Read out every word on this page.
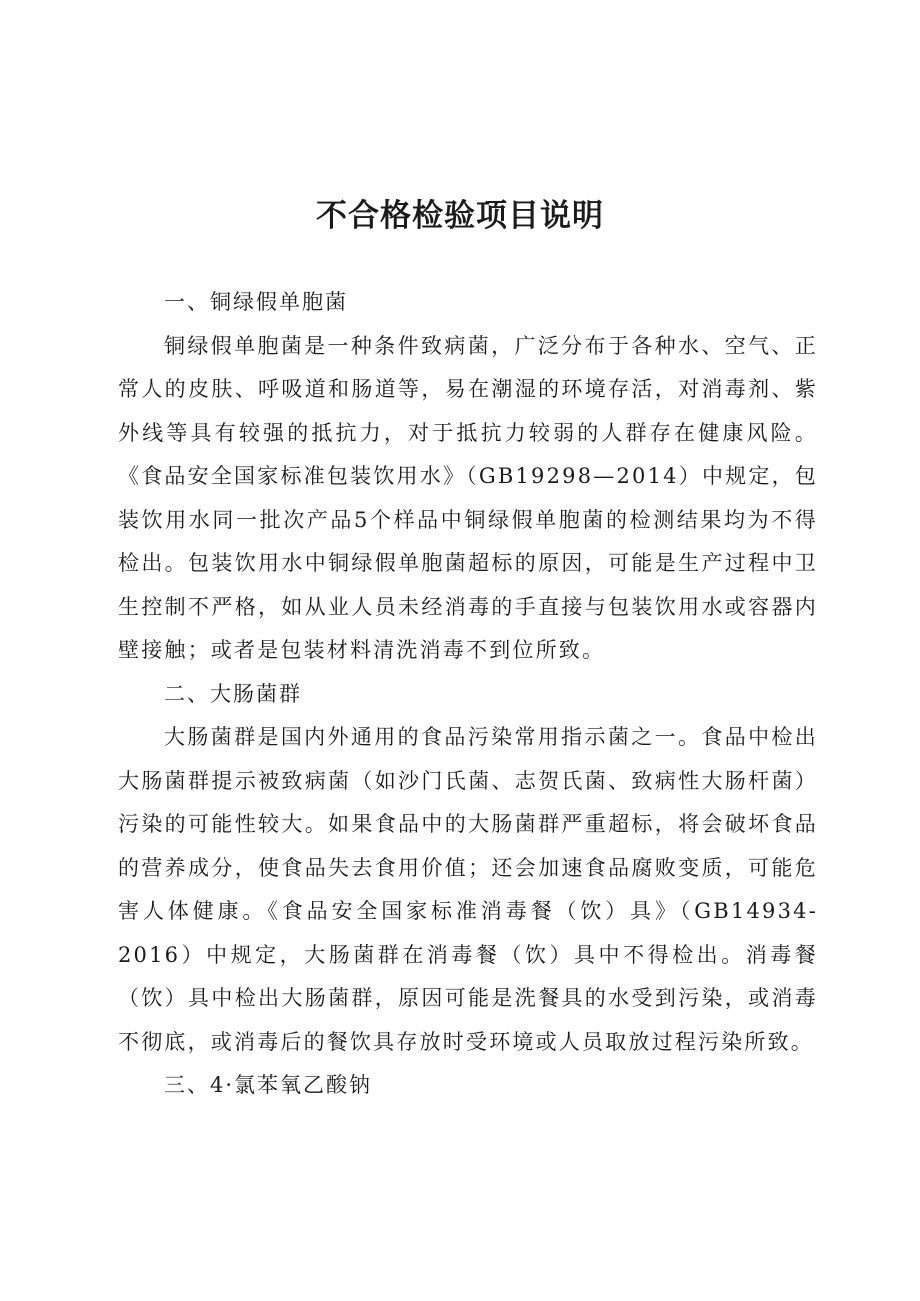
不合格检验项目说明

一、铜绿假单胞菌

铜绿假单胞菌是一种条件致病菌，广泛分布于各种水、空气、正常人的皮肤、呼吸道和肠道等，易在潮湿的环境存活，对消毒剂、紫外线等具有较强的抵抗力，对于抵抗力较弱的人群存在健康风险。《食品安全国家标准包装饮用水》（GB19298—2014）中规定，包装饮用水同一批次产品5个样品中铜绿假单胞菌的检测结果均为不得检出。包装饮用水中铜绿假单胞菌超标的原因，可能是生产过程中卫生控制不严格，如从业人员未经消毒的手直接与包装饮用水或容器内壁接触；或者是包装材料清洗消毒不到位所致。

二、大肠菌群

大肠菌群是国内外通用的食品污染常用指示菌之一。食品中检出大肠菌群提示被致病菌（如沙门氏菌、志贺氏菌、致病性大肠杆菌）污染的可能性较大。如果食品中的大肠菌群严重超标，将会破坏食品的营养成分，使食品失去食用价值；还会加速食品腐败变质，可能危害人体健康。《食品安全国家标准消毒餐（饮）具》（GB14934-2016）中规定，大肠菌群在消毒餐（饮）具中不得检出。消毒餐（饮）具中检出大肠菌群，原因可能是洗餐具的水受到污染，或消毒不彻底，或消毒后的餐饮具存放时受环境或人员取放过程污染所致。

三、4·氯苯氧乙酸钠
